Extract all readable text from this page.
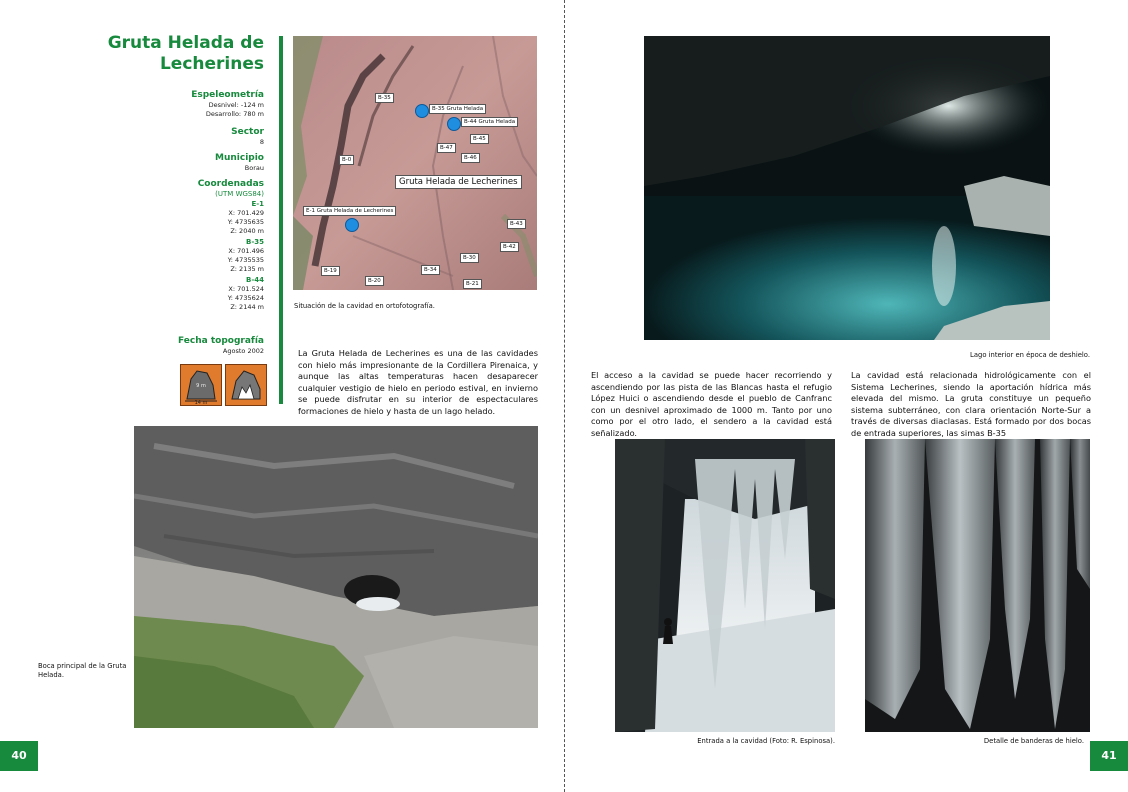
Gruta Helada de Lecherines
Espeleometría
Desnivel: -124 m
Desarrollo: 780 m
Sector
8
Municipio
Borau
Coordenadas
(UTM WGS84)
E-1
X: 701.429
Y: 4735635
Z: 2040 m
B-35
X: 701.496
Y: 4735535
Z: 2135 m
B-44
X: 701.524
Y: 4735624
Z: 2144 m
Fecha topografía
Agosto 2002
9 m
14 m
B-35
B-35 Gruta Helada
B-44 Gruta Helada
B-45
B-47
B-46
B-0
Gruta Helada de Lecherines
E-1 Gruta Helada de Lecherines
B-43
B-42
B-30
B-19	B-34
B-20	B-21
Situación de la cavidad en ortofotografía.
La Gruta Helada de Lecherines es una de las cavidades con hielo más impresionante de la Cordillera Pirenaica, y aunque las altas temperaturas hacen desaparecer cualquier vestigio de hielo en periodo estival, en invierno se puede disfrutar en su interior de espectaculares formaciones de hielo y hasta de un lago helado.
Boca principal de la Gruta Helada.
40
Lago interior en época de deshielo.
El acceso a la cavidad se puede hacer recorriendo y ascendiendo por las pista de las Blancas hasta el refugio López Huici o ascendiendo desde el pueblo de Canfranc con un desnivel aproximado de 1000 m. Tanto por uno como por el otro lado, el sendero a la cavidad está señalizado.
La cavidad está relacionada hidrológicamente con el Sistema Lecherines, siendo la aportación hídrica más elevada del mismo. La gruta constituye un pequeño sistema subterráneo, con clara orientación Norte-Sur a través de diversas diaclasas. Está formado por dos bocas de entrada superiores, las simas B-35
Entrada a la cavidad (Foto: R. Espinosa).	Detalle de banderas de hielo.
41
